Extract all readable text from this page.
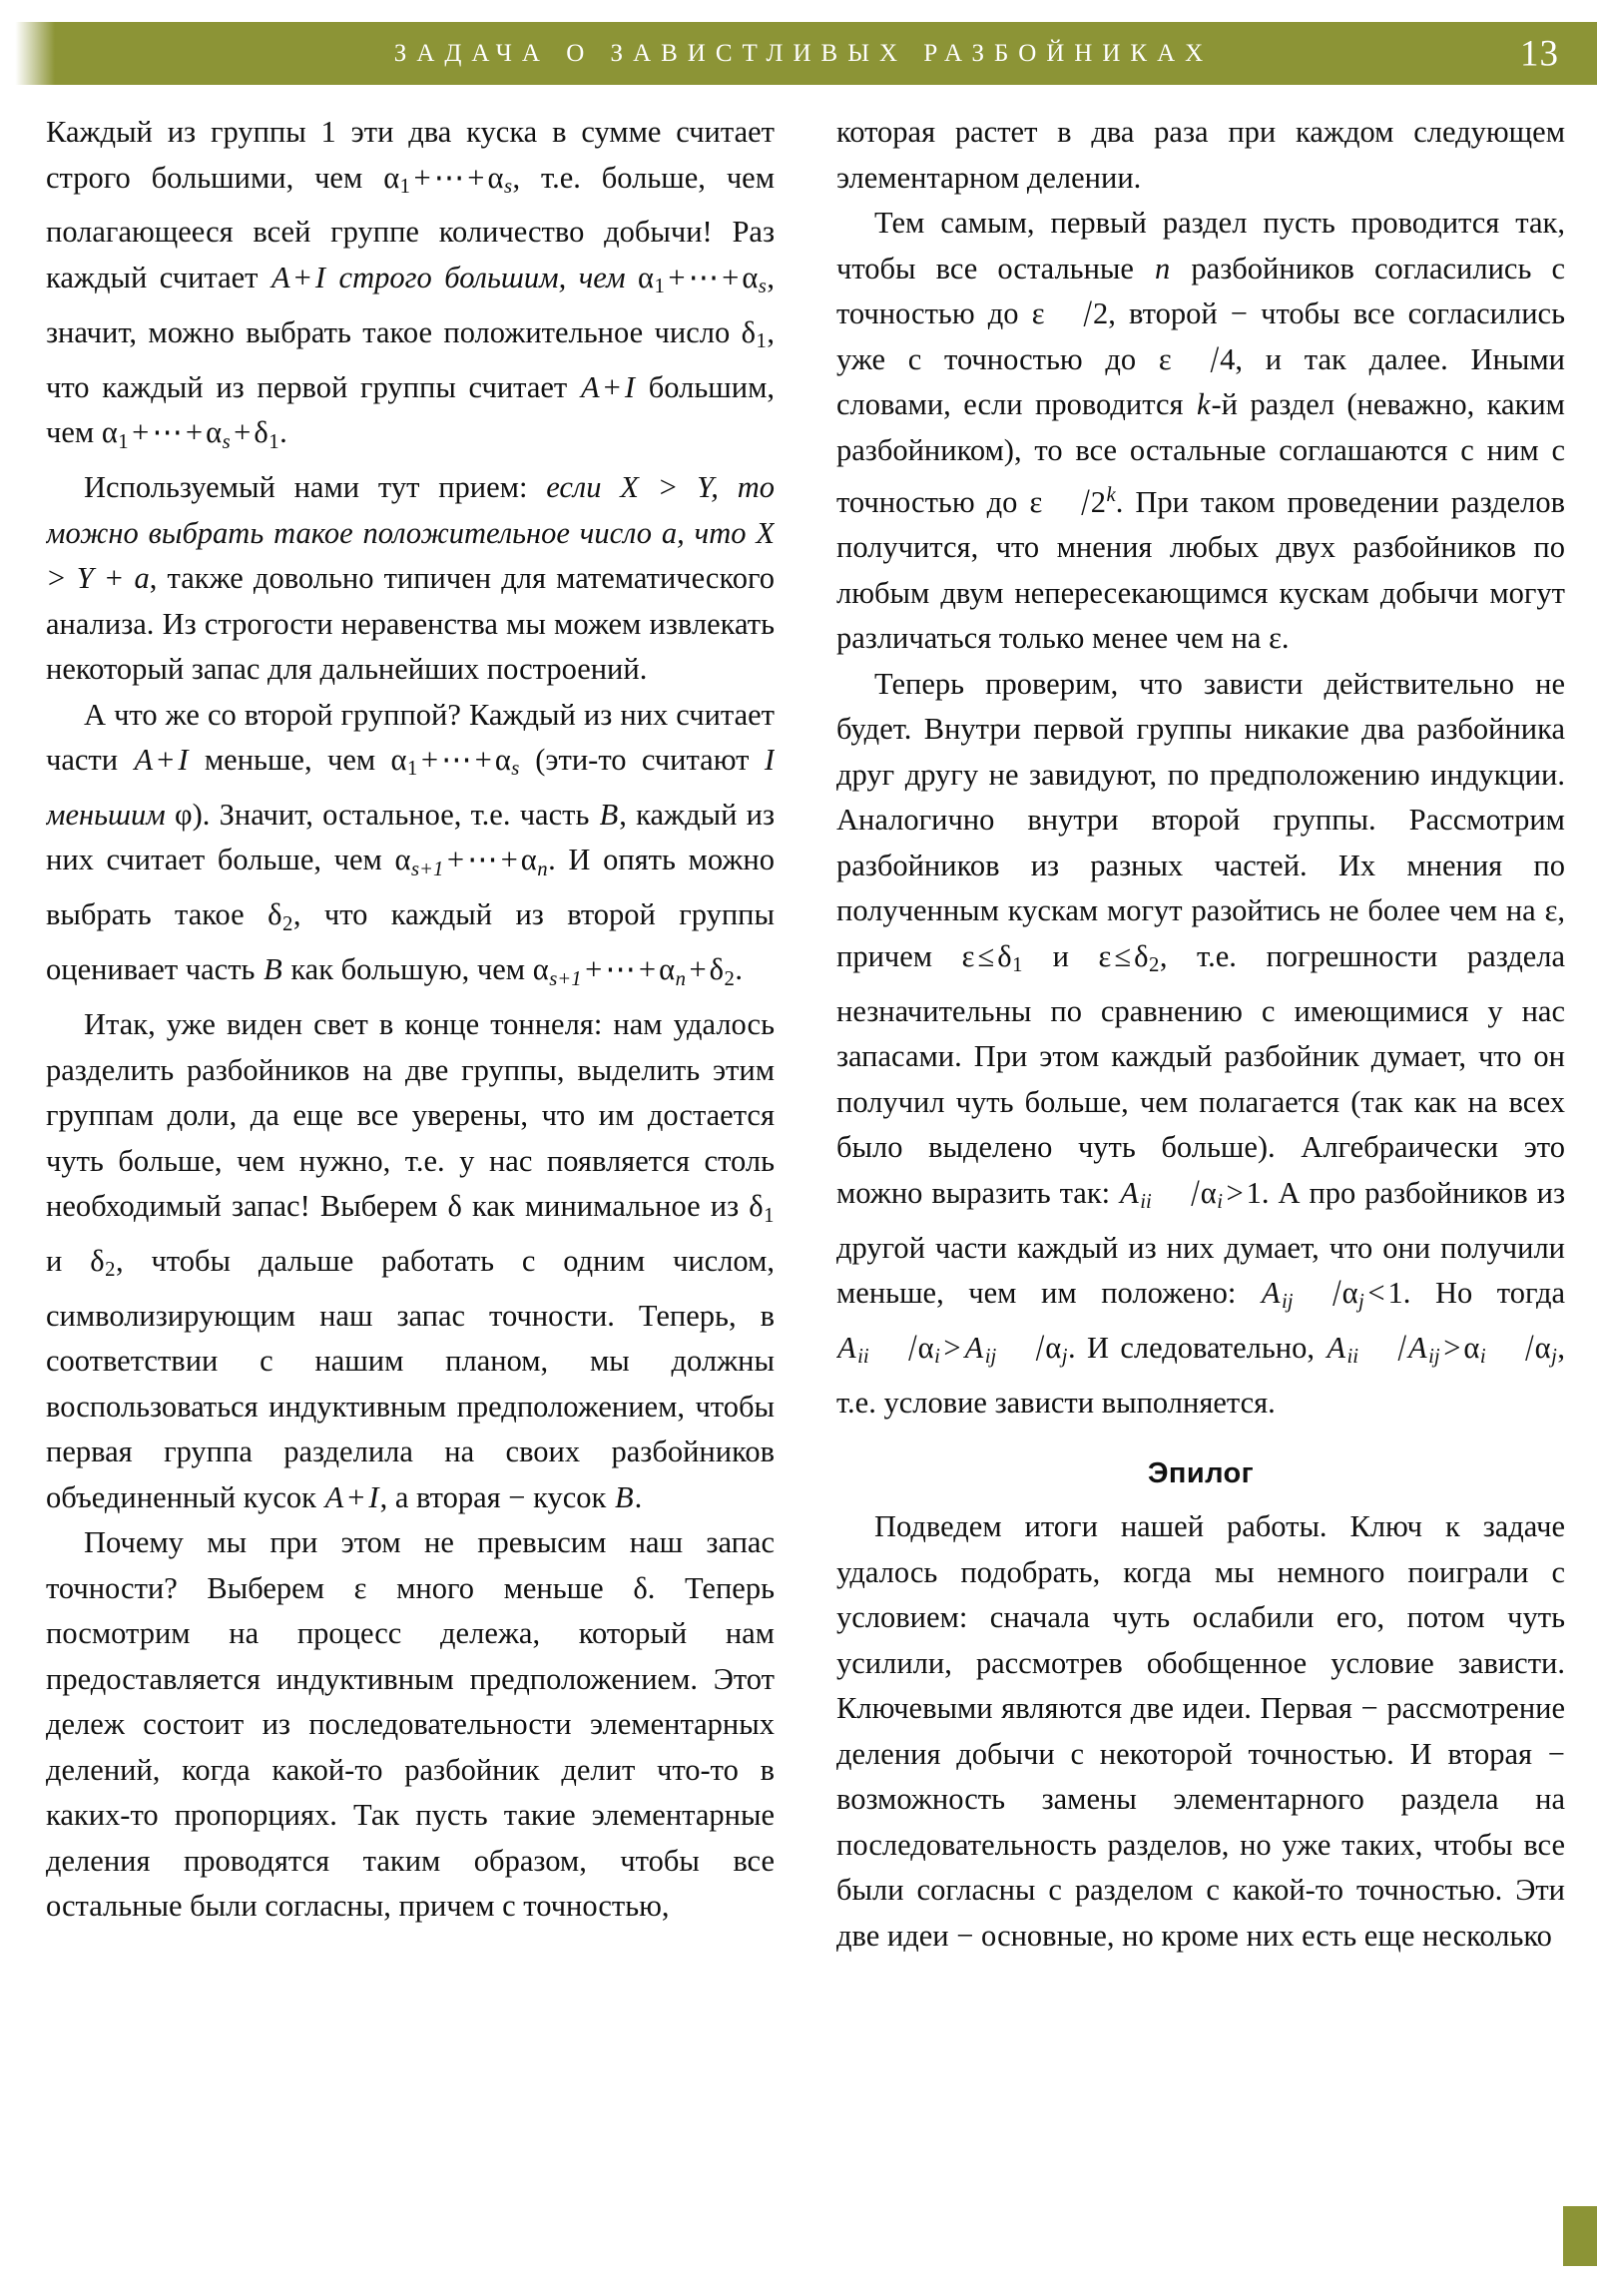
ЗАДАЧА О ЗАВИСТЛИВЫХ РАЗБОЙНИКАХ	13

Каждый из группы 1 эти два куска в сумме считает строго большими, чем $\alpha_1$ $+\cdots+\alpha_s$, т.е. больше, чем полагающееся всей группе количество добычи! Раз каждый считает A + I строго большим, чем $\alpha_1$ $+\cdots+\alpha_s$, значит, можно выбрать такое положительное число $\delta_1$, что каждый из первой группы считает A + I большим, чем $\alpha_1$ $+\cdots+\alpha_s +\delta_1$.

Используемый нами тут прием: если X > Y, то можно выбрать такое положительное число a, что X > Y + a, также довольно типичен для математического анализа. Из строгости неравенства мы можем извлекать некоторый запас для дальнейших построений.

А что же со второй группой? Каждый из них считает части A + I меньше, чем $\alpha_1$ $+\cdots+\alpha_s$ (эти-то считают I меньшим φ). Значит, остальное, т.е. часть B, каждый из них считает больше, чем $\alpha_{s+1}$ $+\cdots+\alpha_n$. И опять можно выбрать такое $\delta_2$, что каждый из второй группы оценивает часть B как большую, чем $\alpha_{s+1}$ $+\cdots+\alpha_n +\delta_2$.

Итак, уже виден свет в конце тоннеля: нам удалось разделить разбойников на две группы, выделить этим группам доли, да еще все уверены, что им достается чуть больше, чем нужно, т.е. у нас появляется столь необходимый запас! Выберем δ как минимальное из $\delta_1$ и $\delta_2$, чтобы дальше работать с одним числом, символизирующим наш запас точности. Теперь, в соответствии с нашим планом, мы должны воспользоваться индуктивным предположением, чтобы первая группа разделила на своих разбойников объединенный кусок A + I, а вторая − кусок B.

Почему мы при этом не превысим наш запас точности? Выберем ε много меньше δ. Теперь посмотрим на процесс дележа, который нам предоставляется индуктивным предположением. Этот дележ состоит из последовательности элементарных делений, когда какой-то разбойник делит что-то в каких-то пропорциях. Так пусть такие элементарные деления проводятся таким образом, чтобы все остальные были согласны, причем с точностью,

которая растет в два раза при каждом следующем элементарном делении.

Тем самым, первый раздел пусть проводится так, чтобы все остальные n разбойников согласились с точностью до ε /2, второй − чтобы все согласились уже с точностью до ε /4, и так далее. Иными словами, если проводится k-й раздел (неважно, каким разбойником), то все остальные соглашаются с ним с точностью до ε /2$^k$. При таком проведении разделов получится, что мнения любых двух разбойников по любым двум непересекающимся кускам добычи могут различаться только менее чем на ε.

Теперь проверим, что зависти действительно не будет. Внутри первой группы никакие два разбойника друг другу не завидуют, по предположению индукции. Аналогично внутри второй группы. Рассмотрим разбойников из разных частей. Их мнения по полученным кускам могут разойтись не более чем на ε, причем $\varepsilon\le\delta_1$ и $\varepsilon\le\delta_2$, т.е. погрешности раздела незначительны по сравнению с имеющимися у нас запасами. При этом каждый разбойник думает, что он получил чуть больше, чем полагается (так как на всех было выделено чуть больше). Алгебраически это можно выразить так: $A_{ii}$ $/\alpha_i >1$. А про разбойников из другой части каждый из них думает, что они получили меньше, чем им положено: $A_{ij}$ $/\alpha_j <1$. Но тогда $A_{ii}$ $/\alpha_i > A_{ij}$ $/\alpha_j$. И следовательно, $A_{ii}$ $/A_{ij} >\alpha_i$ $/\alpha_j$, т.е. условие зависти выполняется.

Эпилог

Подведем итоги нашей работы. Ключ к задаче удалось подобрать, когда мы немного поиграли с условием: сначала чуть ослабили его, потом чуть усилили, рассмотрев обобщенное условие зависти. Ключевыми являются две идеи. Первая − рассмотрение деления добычи с некоторой точностью. И вторая − возможность замены элементарного раздела на последовательность разделов, но уже таких, чтобы все были согласны с разделом с какой-то точностью. Эти две идеи − основные, но кроме них есть еще несколько
